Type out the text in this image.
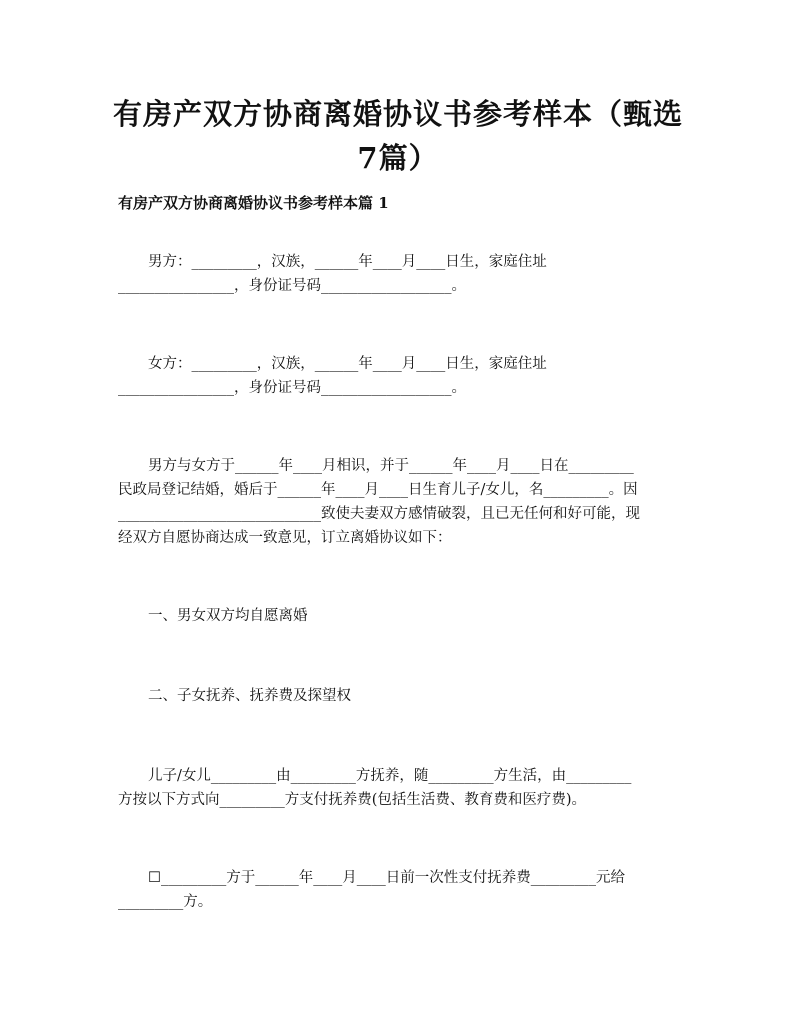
有房产双方协商离婚协议书参考样本（甄选
7篇）
有房产双方协商离婚协议书参考样本篇 1

男方：_________，汉族，______年____月____日生，家庭住址
________________，身份证号码__________________。

女方：_________，汉族，______年____月____日生，家庭住址
________________，身份证号码__________________。

男方与女方于______年____月相识，并于______年____月____日在_________
民政局登记结婚，婚后于______年____月____日生育儿子/女儿，名_________。因
____________________________致使夫妻双方感情破裂，且已无任何和好可能，现
经双方自愿协商达成一致意见，订立离婚协议如下：

一、男女双方均自愿离婚

二、子女抚养、抚养费及探望权

儿子/女儿_________由_________方抚养，随_________方生活，由_________
方按以下方式向_________方支付抚养费(包括生活费、教育费和医疗费)。

☐_________方于______年____月____日前一次性支付抚养费_________元给
_________方。
